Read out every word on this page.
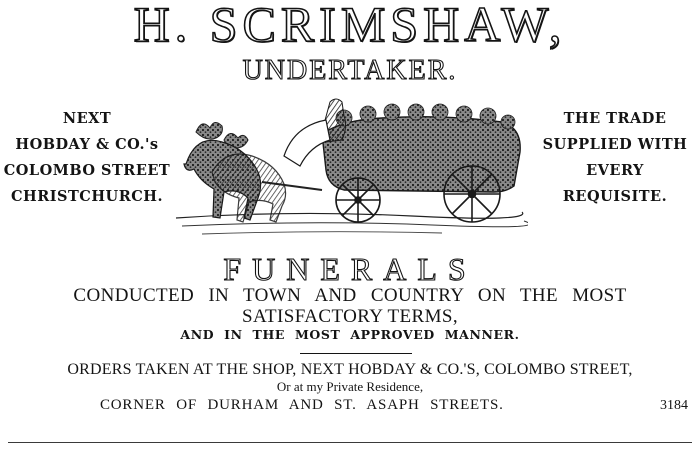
H. SCRIMSHAW,
UNDERTAKER.
NEXT
HOBDAY & CO.'s
COLOMBO STREET
CHRISTCHURCH.
THE TRADE
SUPPLIED WITH
EVERY
REQUISITE.
FUNERALS
CONDUCTED IN TOWN AND COUNTRY ON THE MOST
SATISFACTORY TERMS,
AND IN THE MOST APPROVED MANNER.
ORDERS TAKEN AT THE SHOP, NEXT HOBDAY & CO.'S, COLOMBO STREET,
Or at my Private Residence,
CORNER OF DURHAM AND ST. ASAPH STREETS.	3184
